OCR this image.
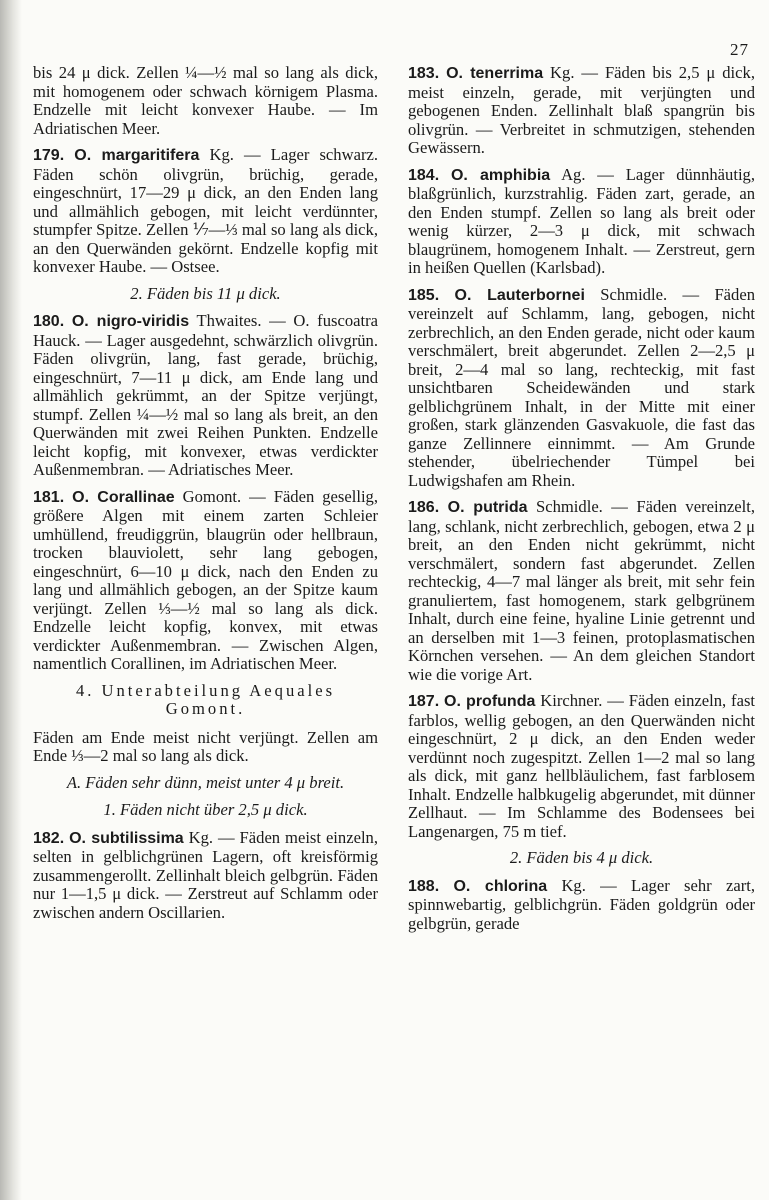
27

bis 24 μ dick. Zellen ¼—½ mal so lang als dick, mit homogenem oder schwach körnigem Plasma. Endzelle mit leicht konvexer Haube. — Im Adriatischen Meer.

179. O. margaritifera Kg. — Lager schwarz. Fäden schön olivgrün, brüchig, gerade, eingeschnürt, 17—29 μ dick, an den Enden lang und allmählich gebogen, mit leicht verdünnter, stumpfer Spitze. Zellen ⅐—⅓ mal so lang als dick, an den Querwänden gekörnt. Endzelle kopfig mit konvexer Haube. — Ostsee.

2. Fäden bis 11 μ dick.

180. O. nigro-viridis Thwaites. — O. fuscoatra Hauck. — Lager ausgedehnt, schwärzlich olivgrün. Fäden olivgrün, lang, fast gerade, brüchig, eingeschnürt, 7—11 μ dick, am Ende lang und allmählich gekrümmt, an der Spitze verjüngt, stumpf. Zellen ¼—½ mal so lang als breit, an den Querwänden mit zwei Reihen Punkten. Endzelle leicht kopfig, mit konvexer, etwas verdickter Außenmembran. — Adriatisches Meer.

181. O. Corallinae Gomont. — Fäden gesellig, größere Algen mit einem zarten Schleier umhüllend, freudiggrün, blaugrün oder hellbraun, trocken blauviolett, sehr lang gebogen, eingeschnürt, 6—10 μ dick, nach den Enden zu lang und allmählich gebogen, an der Spitze kaum verjüngt. Zellen ⅓—½ mal so lang als dick. Endzelle leicht kopfig, konvex, mit etwas verdickter Außenmembran. — Zwischen Algen, namentlich Corallinen, im Adriatischen Meer.

4. Unterabteilung Aequales Gomont.

Fäden am Ende meist nicht verjüngt. Zellen am Ende ⅓—2 mal so lang als dick.

A. Fäden sehr dünn, meist unter 4 μ breit.
1. Fäden nicht über 2,5 μ dick.

182. O. subtilissima Kg. — Fäden meist einzeln, selten in gelblichgrünen Lagern, oft kreisförmig zusammengerollt. Zellinhalt bleich gelbgrün. Fäden nur 1—1,5 μ dick. — Zerstreut auf Schlamm oder zwischen andern Oscillarien.

183. O. tenerrima Kg. — Fäden bis 2,5 μ dick, meist einzeln, gerade, mit verjüngten und gebogenen Enden. Zellinhalt blaß spangrün bis olivgrün. — Verbreitet in schmutzigen, stehenden Gewässern.

184. O. amphibia Ag. — Lager dünnhäutig, blaßgrünlich, kurzstrahlig. Fäden zart, gerade, an den Enden stumpf. Zellen so lang als breit oder wenig kürzer, 2—3 μ dick, mit schwach blaugrünem, homogenem Inhalt. — Zerstreut, gern in heißen Quellen (Karlsbad).

185. O. Lauterbornei Schmidle. — Fäden vereinzelt auf Schlamm, lang, gebogen, nicht zerbrechlich, an den Enden gerade, nicht oder kaum verschmälert, breit abgerundet. Zellen 2—2,5 μ breit, 2—4 mal so lang, rechteckig, mit fast unsichtbaren Scheidewänden und stark gelblichgrünem Inhalt, in der Mitte mit einer großen, stark glänzenden Gasvakuole, die fast das ganze Zellinnere einnimmt. — Am Grunde stehender, übelriechender Tümpel bei Ludwigshafen am Rhein.

186. O. putrida Schmidle. — Fäden vereinzelt, lang, schlank, nicht zerbrechlich, gebogen, etwa 2 μ breit, an den Enden nicht gekrümmt, nicht verschmälert, sondern fast abgerundet. Zellen rechteckig, 4—7 mal länger als breit, mit sehr fein granuliertem, fast homogenem, stark gelbgrünem Inhalt, durch eine feine, hyaline Linie getrennt und an derselben mit 1—3 feinen, protoplasmatischen Körnchen versehen. — An dem gleichen Standort wie die vorige Art.

187. O. profunda Kirchner. — Fäden einzeln, fast farblos, wellig gebogen, an den Querwänden nicht eingeschnürt, 2 μ dick, an den Enden weder verdünnt noch zugespitzt. Zellen 1—2 mal so lang als dick, mit ganz hellbläulichem, fast farblosem Inhalt. Endzelle halbkugelig abgerundet, mit dünner Zellhaut. — Im Schlamme des Bodensees bei Langenargen, 75 m tief.

2. Fäden bis 4 μ dick.

188. O. chlorina Kg. — Lager sehr zart, spinnwebartig, gelblichgrün. Fäden goldgrün oder gelbgrün, gerade
